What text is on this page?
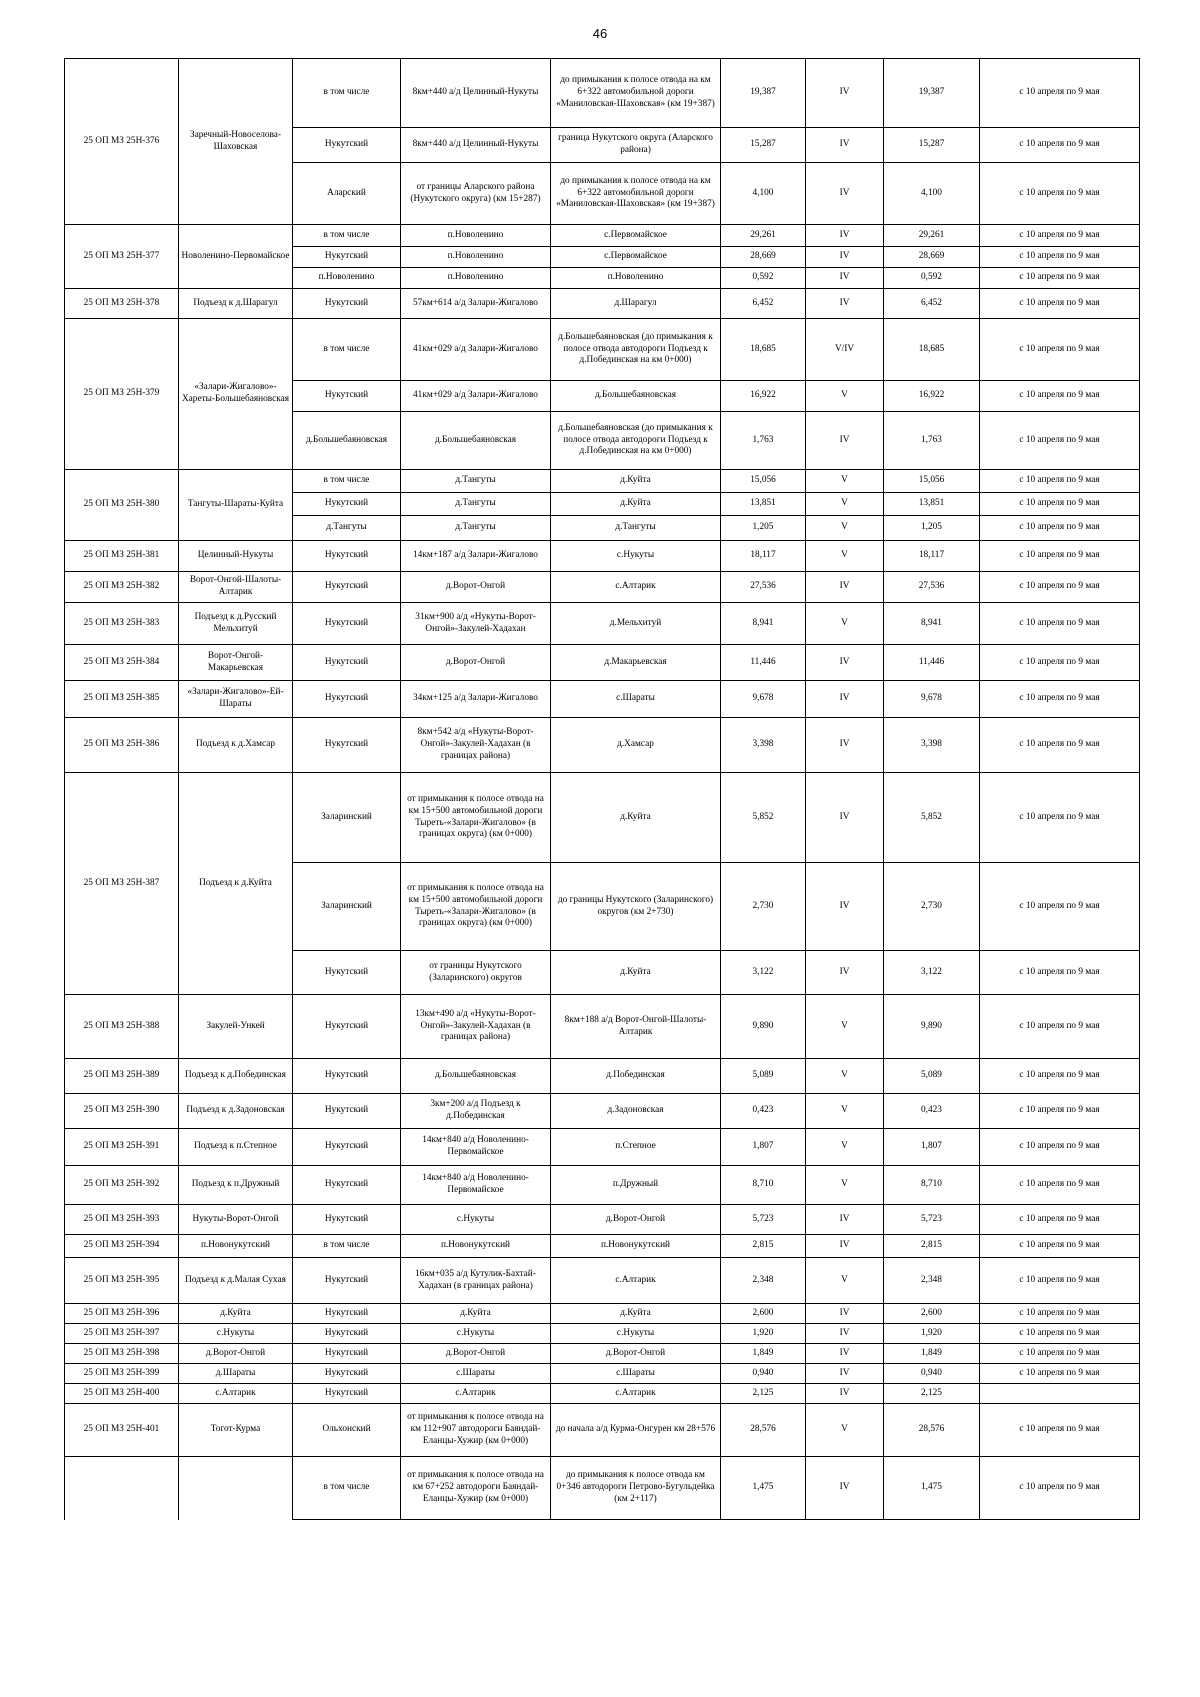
46
25 ОП МЗ 25Н-376	Заречный-Новоселова-Шаховская	в том числе	8км+440 а/д Целинный-Нукуты	до примыкания к полосе отвода на км 6+322 автомобильной дороги «Маниловская-Шаховская» (км 19+387)	19,387	IV	19,387	с 10 апреля по 9 мая
		Нукутский	8км+440 а/д Целинный-Нукуты	граница Нукутского округа (Аларского района)	15,287	IV	15,287	с 10 апреля по 9 мая
		Аларский	от границы Аларского района (Нукутского округа) (км 15+287)	до примыкания к полосе отвода на км 6+322 автомобильной дороги «Маниловская-Шаховская» (км 19+387)	4,100	IV	4,100	с 10 апреля по 9 мая
25 ОП МЗ 25Н-377	Новоленино-Первомайское	в том числе	п.Новоленино	с.Первомайское	29,261	IV	29,261	с 10 апреля по 9 мая
		Нукутский	п.Новоленино	с.Первомайское	28,669	IV	28,669	с 10 апреля по 9 мая
		п.Новоленино	п.Новоленино	п.Новоленино	0,592	IV	0,592	с 10 апреля по 9 мая
25 ОП МЗ 25Н-378	Подъезд к д.Шарагул	Нукутский	57км+614 а/д Залари-Жигалово	д.Шарагул	6,452	IV	6,452	с 10 апреля по 9 мая
25 ОП МЗ 25Н-379	«Залари-Жигалово»-Хареты-Большебаяновская	в том числе	41км+029 а/д Залари-Жигалово	д.Большебаяновская (до примыкания к полосе отвода автодороги Подъезд к д.Побединская на км 0+000)	18,685	V/IV	18,685	с 10 апреля по 9 мая
		Нукутский	41км+029 а/д Залари-Жигалово	д.Большебаяновская	16,922	V	16,922	с 10 апреля по 9 мая
		д.Большебаяновская	д.Большебаяновская	д.Большебаяновская (до примыкания к полосе отвода автодороги Подъезд к д.Побединская на км 0+000)	1,763	IV	1,763	с 10 апреля по 9 мая
25 ОП МЗ 25Н-380	Тангуты-Шараты-Куйта	в том числе	д.Тангуты	д.Куйта	15,056	V	15,056	с 10 апреля по 9 мая
		Нукутский	д.Тангуты	д.Куйта	13,851	V	13,851	с 10 апреля по 9 мая
		д.Тангуты	д.Тангуты	д.Тангуты	1,205	V	1,205	с 10 апреля по 9 мая
25 ОП МЗ 25Н-381	Целинный-Нукуты	Нукутский	14км+187 а/д Залари-Жигалово	с.Нукуты	18,117	V	18,117	с 10 апреля по 9 мая
25 ОП МЗ 25Н-382	Ворот-Онгой-Шалоты-Алтарик	Нукутский	д.Ворот-Онгой	с.Алтарик	27,536	IV	27,536	с 10 апреля по 9 мая
25 ОП МЗ 25Н-383	Подъезд к д.Русский Мельхитуй	Нукутский	31км+900 а/д «Нукуты-Ворот-Онгой»-Закулей-Хадахан	д.Мельхитуй	8,941	V	8,941	с 10 апреля по 9 мая
25 ОП МЗ 25Н-384	Ворот-Онгой-Макарьевская	Нукутский	д.Ворот-Онгой	д.Макарьевская	11,446	IV	11,446	с 10 апреля по 9 мая
25 ОП МЗ 25Н-385	«Залари-Жигалово»-Ей-Шараты	Нукутский	34км+125 а/д Залари-Жигалово	с.Шараты	9,678	IV	9,678	с 10 апреля по 9 мая
25 ОП МЗ 25Н-386	Подъезд к д.Хамсар	Нукутский	8км+542 а/д «Нукуты-Ворот-Онгой»-Закулей-Хадахан (в границах района)	д.Хамсар	3,398	IV	3,398	с 10 апреля по 9 мая
25 ОП МЗ 25Н-387	Подъезд к д.Куйта	Заларинский	от примыкания к полосе отвода на км 15+500 автомобильной дороги Тыреть-«Залари-Жигалово» (в границах округа) (км 0+000)	д.Куйта	5,852	IV	5,852	с 10 апреля по 9 мая
		Заларинский	от примыкания к полосе отвода на км 15+500 автомобильной дороги Тыреть-«Залари-Жигалово» (в границах округа) (км 0+000)	до границы Нукутского (Заларинского) округов (км 2+730)	2,730	IV	2,730	с 10 апреля по 9 мая
		Нукутский	от границы Нукутского (Заларинского) округов	д.Куйта	3,122	IV	3,122	с 10 апреля по 9 мая
25 ОП МЗ 25Н-388	Закулей-Ункей	Нукутский	13км+490 а/д «Нукуты-Ворот-Онгой»-Закулей-Хадахан (в границах района)	8км+188 а/д Ворот-Онгой-Шалоты-Алтарик	9,890	V	9,890	с 10 апреля по 9 мая
25 ОП МЗ 25Н-389	Подъезд к д.Побединская	Нукутский	д.Большебаяновская	д.Побединская	5,089	V	5,089	с 10 апреля по 9 мая
25 ОП МЗ 25Н-390	Подъезд к д.Задоновская	Нукутский	3км+200 а/д Подъезд к д.Побединская	д.Задоновская	0,423	V	0,423	с 10 апреля по 9 мая
25 ОП МЗ 25Н-391	Подъезд к п.Степное	Нукутский	14км+840 а/д Новоленино-Первомайское	п.Степное	1,807	V	1,807	с 10 апреля по 9 мая
25 ОП МЗ 25Н-392	Подъезд к п.Дружный	Нукутский	14км+840 а/д Новоленино-Первомайское	п.Дружный	8,710	V	8,710	с 10 апреля по 9 мая
25 ОП МЗ 25Н-393	Нукуты-Ворот-Онгой	Нукутский	с.Нукуты	д.Ворот-Онгой	5,723	IV	5,723	с 10 апреля по 9 мая
25 ОП МЗ 25Н-394	п.Новонукутский	в том числе	п.Новонукутский	п.Новонукутский	2,815	IV	2,815	с 10 апреля по 9 мая
25 ОП МЗ 25Н-395	Подъезд к д.Малая Сухая	Нукутский	16км+035 а/д Кутулик-Бахтай-Хадахан (в границах района)	с.Алтарик	2,348	V	2,348	с 10 апреля по 9 мая
25 ОП МЗ 25Н-396	д.Куйта	Нукутский	д.Куйта	д.Куйта	2,600	IV	2,600	с 10 апреля по 9 мая
25 ОП МЗ 25Н-397	с.Нукуты	Нукутский	с.Нукуты	с.Нукуты	1,920	IV	1,920	с 10 апреля по 9 мая
25 ОП МЗ 25Н-398	д.Ворот-Онгой	Нукутский	д.Ворот-Онгой	д.Ворот-Онгой	1,849	IV	1,849	с 10 апреля по 9 мая
25 ОП МЗ 25Н-399	д.Шараты	Нукутский	с.Шараты	с.Шараты	0,940	IV	0,940	с 10 апреля по 9 мая
25 ОП МЗ 25Н-400	с.Алтарик	Нукутский	с.Алтарик	с.Алтарик	2,125	IV	2,125	
25 ОП МЗ 25Н-401	Тогот-Курма	Ольхонский	от примыкания к полосе отвода на км 112+907 автодороги Баяндай-Еланцы-Хужир (км 0+000)	до начала а/д Курма-Онгурен км 28+576	28,576	V	28,576	с 10 апреля по 9 мая
		в том числе	от примыкания к полосе отвода на км 67+252 автодороги Баяндай-Еланцы-Хужир (км 0+000)	до примыкания к полосе отвода км 0+346 автодороги Петрово-Бугульдейка (км 2+117)	1,475	IV	1,475	с 10 апреля по 9 мая
